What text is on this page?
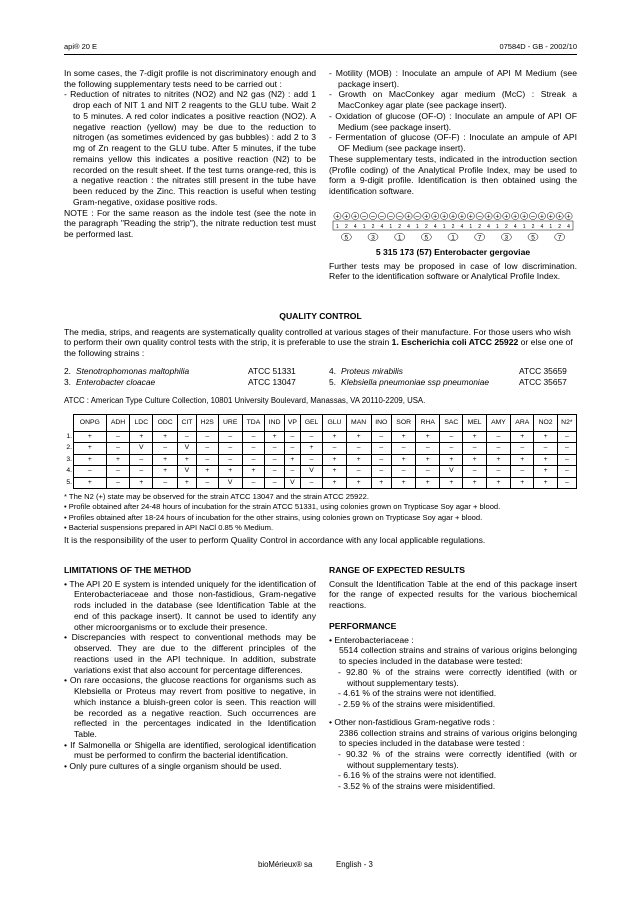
api® 20 E	07584D - GB - 2002/10

In some cases, the 7-digit profile is not discriminatory enough and the following supplementary tests need to be carried out :

- Reduction of nitrates to nitrites (NO2) and N2 gas (N2) : add 1 drop each of NIT 1 and NIT 2 reagents to the GLU tube. Wait 2 to 5 minutes. A red color indicates a positive reaction (NO2). A negative reaction (yellow) may be due to the reduction to nitrogen (as sometimes evidenced by gas bubbles) : add 2 to 3 mg of Zn reagent to the GLU tube. After 5 minutes, if the tube remains yellow this indicates a positive reaction (N2) to be recorded on the result sheet. If the test turns orange-red, this is a negative reaction : the nitrates still present in the tube have been reduced by the Zinc. This reaction is useful when testing Gram-negative, oxidase positive rods.

NOTE : For the same reason as the indole test (see the note in the paragraph "Reading the strip"), the nitrate reduction test must be performed last.

- Motility (MOB) : Inoculate an ampule of API M Medium (see package insert).

- Growth on MacConkey agar medium (McC) : Streak a MacConkey agar plate (see package insert).

- Oxidation of glucose (OF-O) : Inoculate an ampule of API OF Medium (see package insert).

- Fermentation of glucose (OF-F) : Inoculate an ampule of API OF Medium (see package insert).

These supplementary tests, indicated in the introduction section (Profile coding) of the Analytical Profile Index, may be used to form a 9-digit profile. Identification is then obtained using the identification software.

+
1
+
2
+
4
–
1
–
2
–
4
–
1
–
2
+
4
–
1
+
2
+
4
+
1
+
2
+
4
+
1
–
2
+
4
+
1
+
2
+
4
+
1
–
2
+
4
+
1
+
2
+
4
5	3	1	5	1	7	3	5	7

5 315 173 (57) Enterobacter gergoviae

Further tests may be proposed in case of low discrimination. Refer to the identification software or Analytical Profile Index.

QUALITY CONTROL

The media, strips, and reagents are systematically quality controlled at various stages of their manufacture. For those users who wish to perform their own quality control tests with the strip, it is preferable to use the strain 1. Escherichia coli ATCC 25922 or else one of the following strains :

2. Stenotrophomonas maltophilia	ATCC 51331
3. Enterobacter cloacae	ATCC 13047
4. Proteus mirabilis	ATCC 35659
5. Klebsiella pneumoniae ssp pneumoniae	ATCC 35657
ATCC : American Type Culture Collection, 10801 University Boulevard, Manassas, VA 20110-2209, USA.
	ONPG	ADH	LDC	ODC	CIT	H2S	URE	TDA	IND	VP	GEL	GLU	MAN	INO	SOR	RHA	SAC	MEL	AMY	ARA	NO2	N2*
1.	+	–	+	+	–	–	–	–	+	–	–	+	+	–	+	+	–	+	–	+	+	–
2.	+	–	V	–	V	–	–	–	–	–	+	–	–	–	–	–	–	–	–	–	–	–
3.	+	+	–	+	+	–	–	–	–	+	–	+	+	–	+	+	+	+	+	+	+	–
4.	–	–	–	+	V	+	+	+	–	–	V	+	–	–	–	–	V	–	–	–	+	–
5.	+	–	+	–	+	–	V	–	–	V	–	+	+	+	+	+	+	+	+	+	+	–

* The N2 (+) state may be observed for the strain ATCC 13047 and the strain ATCC 25922.

• Profile obtained after 24-48 hours of incubation for the strain ATCC 51331, using colonies grown on Trypticase Soy agar + blood.

• Profiles obtained after 18-24 hours of incubation for the other strains, using colonies grown on Trypticase Soy agar + blood.

• Bacterial suspensions prepared in API NaCl 0.85 % Medium.

It is the responsibility of the user to perform Quality Control in accordance with any local applicable regulations.

LIMITATIONS OF THE METHOD

• The API 20 E system is intended uniquely for the identification of Enterobacteriaceae and those non-fastidious, Gram-negative rods included in the database (see Identification Table at the end of this package insert). It cannot be used to identify any other microorganisms or to exclude their presence.

• Discrepancies with respect to conventional methods may be observed. They are due to the different principles of the reactions used in the API technique. In addition, substrate variations exist that also account for percentage differences.

• On rare occasions, the glucose reactions for organisms such as Klebsiella or Proteus may revert from positive to negative, in which instance a bluish-green color is seen. This reaction will be recorded as a negative reaction. Such occurrences are reflected in the percentages indicated in the Identification Table.

• If Salmonella or Shigella are identified, serological identification must be performed to confirm the bacterial identification.

• Only pure cultures of a single organism should be used.

RANGE OF EXPECTED RESULTS

Consult the Identification Table at the end of this package insert for the range of expected results for the various biochemical reactions.

PERFORMANCE

• Enterobacteriaceae :

5514 collection strains and strains of various origins belonging to species included in the database were tested:

- 92.80 % of the strains were correctly identified (with or without supplementary tests).

- 4.61 % of the strains were not identified.

- 2.59 % of the strains were misidentified.

• Other non-fastidious Gram-negative rods :

2386 collection strains and strains of various origins belonging to species included in the database were tested :

- 90.32 % of the strains were correctly identified (with or without supplementary tests).

- 6.16 % of the strains were not identified.

- 3.52 % of the strains were misidentified.

bioMérieux® sa	English - 3
